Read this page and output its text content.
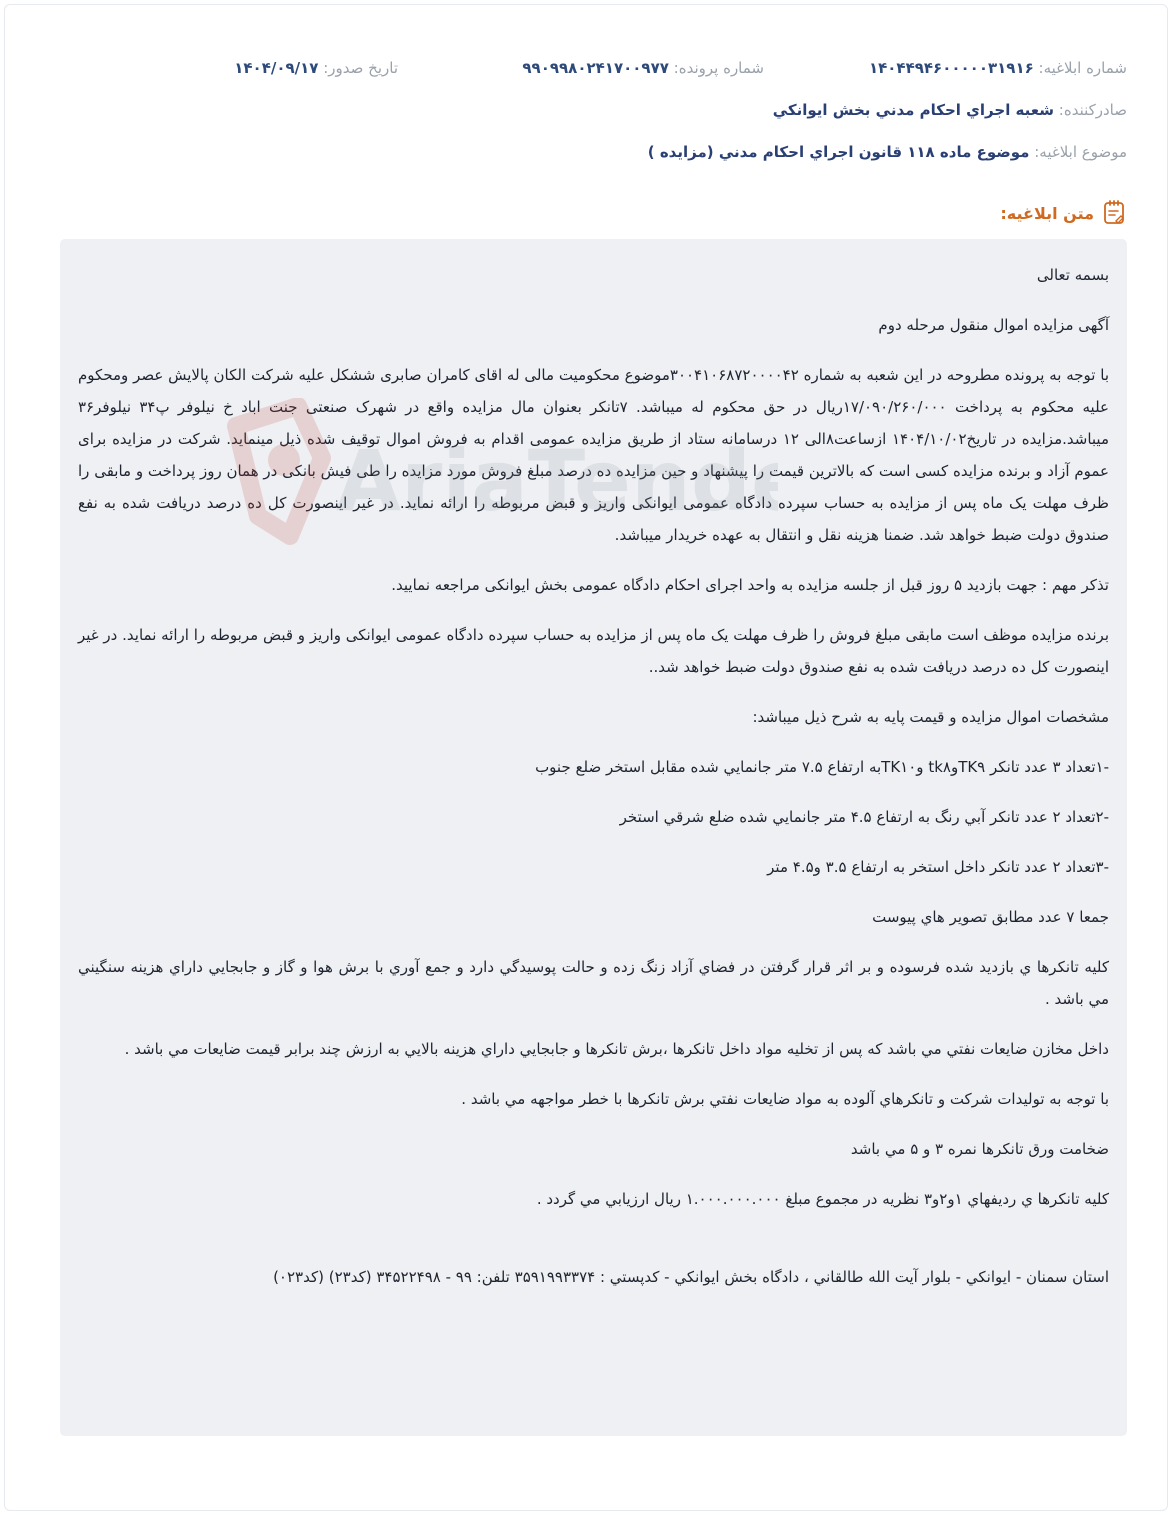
شماره ابلاغيه: ۱۴۰۴۴۹۴۶۰۰۰۰۰۳۱۹۱۶
شماره پرونده: ۹۹۰۹۹۸۰۲۴۱۷۰۰۹۷۷
تاريخ صدور: ۱۴۰۴/۰۹/۱۷
صادرکننده: شعبه اجراي احکام مدني بخش ايوانکي
موضوع ابلاغيه: موضوع ماده ۱۱۸ قانون اجراي احکام مدني (مزايده )
متن ابلاغيه:

بسمه تعالی

آگهی مزایده اموال منقول مرحله دوم

با توجه به پرونده مطروحه در این شعبه به شماره ۳۰۰۴۱۰۶۸۷۲۰۰۰۰۴۲موضوع محکومیت مالی له اقای کامران صابری ششکل علیه شرکت الکان پالایش عصر ومحکوم علیه محکوم به پرداخت ۱۷/۰۹۰/۲۶۰/۰۰۰ریال در حق محکوم له میباشد. ۷تانکر بعنوان مال مزایده واقع در شهرک صنعتی جنت اباد خ نیلوفر پ۳۴ نیلوفر۳۶ میباشد.مزایده در تاریخ۱۴۰۴/۱۰/۰۲ ازساعت۸الی ۱۲ درسامانه ستاد از طریق مزایده عمومی اقدام به فروش اموال توقیف شده ذیل مینماید. شرکت در مزایده برای عموم آزاد و برنده مزایده کسی است که بالاترین قیمت را پیشنهاد و حین مزایده ده درصد مبلغ فروش مورد مزایده را طی فیش بانکی در همان روز پرداخت و مابقی را ظرف مهلت یک ماه پس از مزایده به حساب سپرده دادگاه عمومی ایوانکی واریز و قبض مربوطه را ارائه نماید. در غیر اینصورت کل ده درصد دریافت شده به نفع صندوق دولت ضبط خواهد شد. ضمنا هزینه نقل و انتقال به عهده خریدار میباشد.

تذکر مهم : جهت بازدید ۵ روز قبل از جلسه مزایده به واحد اجرای احکام دادگاه عمومی بخش ایوانکی مراجعه نمایید.

برنده مزایده موظف است مابقی مبلغ فروش را ظرف مهلت یک ماه پس از مزایده به حساب سپرده دادگاه عمومی ایوانکی واریز و قبض مربوطه را ارائه نماید. در غیر اینصورت کل ده درصد دریافت شده به نفع صندوق دولت ضبط خواهد شد..

مشخصات اموال مزایده و قیمت پایه به شرح ذیل میباشد:

-۱تعداد ۳ عدد تانکر TK۹وtk۸ وTK۱۰به ارتفاع ۷.۵ متر جانمايي شده مقابل استخر ضلع جنوب

-۲تعداد ۲ عدد تانکر آبي رنگ به ارتفاع ۴.۵ متر جانمايي شده ضلع شرقي استخر

-۳تعداد ۲ عدد تانکر داخل استخر به ارتفاع ۳.۵ و۴.۵ متر

جمعا ۷ عدد مطابق تصوير هاي پيوست

کليه تانکرها ي بازديد شده فرسوده و بر اثر قرار گرفتن در فضاي آزاد زنگ زده و حالت پوسيدگي دارد و جمع آوري با برش هوا و گاز و جابجايي داراي هزينه سنگيني مي باشد .

داخل مخازن ضايعات نفتي مي باشد که پس از تخليه مواد داخل تانکرها ،برش تانکرها و جابجايي داراي هزينه بالايي به ارزش چند برابر قيمت ضايعات مي باشد .

با توجه به توليدات شرکت و تانکرهاي آلوده به مواد ضايعات نفتي برش تانکرها با خطر مواجهه مي باشد .

ضخامت ورق تانکرها نمره ۳ و ۵ مي باشد

کليه تانکرها ي رديفهاي ۱و۲و۳ نظريه در مجموع مبلغ ۱.۰۰۰.۰۰۰.۰۰۰ ريال ارزيابي مي گردد .

استان سمنان - ايوانکي - بلوار آيت الله طالقاني ، دادگاه بخش ايوانکي - کدپستي : ۳۵۹۱۹۹۳۳۷۴ تلفن: ۹۹ - ۳۴۵۲۲۴۹۸ (کد۲۳) (کد۰۲۳)
